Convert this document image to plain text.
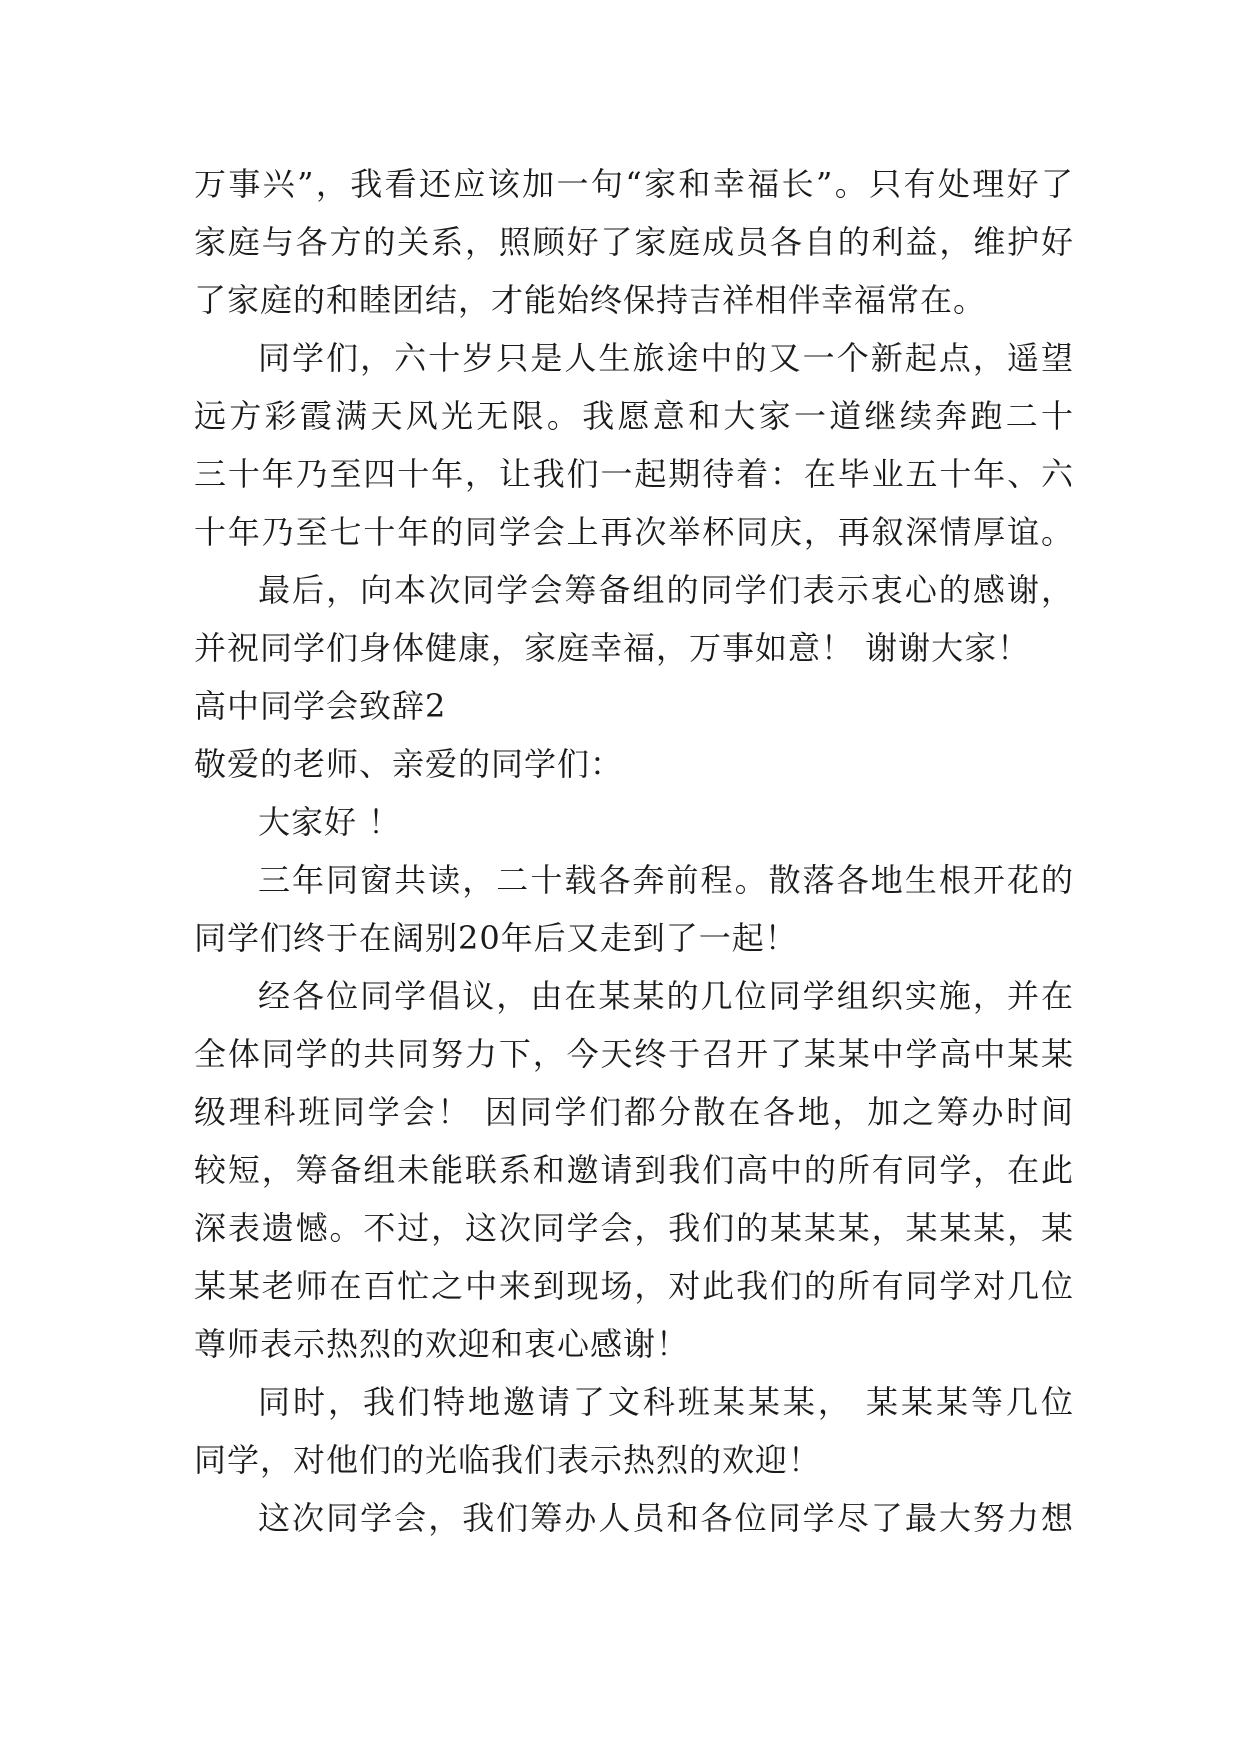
万事兴”，我看还应该加一句“家和幸福长”。只有处理好了
家庭与各方的关系，照顾好了家庭成员各自的利益，维护好
了家庭的和睦团结，才能始终保持吉祥相伴幸福常在。
同学们，六十岁只是人生旅途中的又一个新起点，遥望
远方彩霞满天风光无限。我愿意和大家一道继续奔跑二十
三十年乃至四十年，让我们一起期待着：在毕业五十年、六
十年乃至七十年的同学会上再次举杯同庆，再叙深情厚谊。
最后，向本次同学会筹备组的同学们表示衷心的感谢，
并祝同学们身体健康，家庭幸福，万事如意！ 谢谢大家！
高中同学会致辞2
敬爱的老师、亲爱的同学们：
大家好 ！
三年同窗共读，二十载各奔前程。散落各地生根开花的
同学们终于在阔别20年后又走到了一起！
经各位同学倡议，由在某某的几位同学组织实施，并在
全体同学的共同努力下，今天终于召开了某某中学高中某某
级理科班同学会！ 因同学们都分散在各地，加之筹办时间
较短，筹备组未能联系和邀请到我们高中的所有同学，在此
深表遗憾。不过，这次同学会，我们的某某某，某某某，某
某某老师在百忙之中来到现场，对此我们的所有同学对几位
尊师表示热烈的欢迎和衷心感谢！
同时，我们特地邀请了文科班某某某， 某某某等几位
同学，对他们的光临我们表示热烈的欢迎！
这次同学会，我们筹办人员和各位同学尽了最大努力想
